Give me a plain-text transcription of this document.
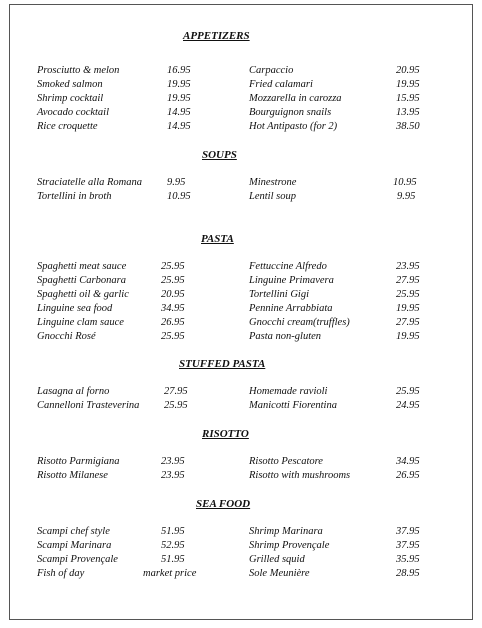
APPETIZERS
Prosciutto & melon	16.95
Smoked salmon	19.95
Shrimp cocktail	19.95
Avocado cocktail	14.95
Rice croquette	14.95
Carpaccio	20.95
Fried calamari	19.95
Mozzarella in carozza	15.95
Bourguignon snails	13.95
Hot Antipasto (for 2)	38.50
SOUPS
Straciatelle alla Romana 9.95
Tortellini in broth	10.95
Minestrone	10.95
Lentil soup	9.95
PASTA
Spaghetti meat sauce	25.95
Spaghetti Carbonara	25.95
Spaghetti oil & garlic	20.95
Linguine sea food	34.95
Linguine clam sauce	26.95
Gnocchi Rosé	25.95
Fettuccine Alfredo	23.95
Linguine Primavera	27.95
Tortellini Gigi	25.95
Pennine Arrabbiata	19.95
Gnocchi cream(truffles)	27.95
Pasta non-gluten	19.95
STUFFED PASTA
Lasagna al forno	27.95
Cannelloni Trasteverina 25.95
Homemade ravioli	25.95
Manicotti Fiorentina	24.95
RISOTTO
Risotto Parmigiana	23.95
Risotto Milanese	23.95
Risotto Pescatore	34.95
Risotto with mushrooms	26.95
SEA FOOD
Scampi chef style	51.95
Scampi Marinara	52.95
Scampi Provençale	51.95
Fish of day	market price
Shrimp Marinara	37.95
Shrimp Provençale	37.95
Grilled squid	35.95
Sole Meunière	28.95
